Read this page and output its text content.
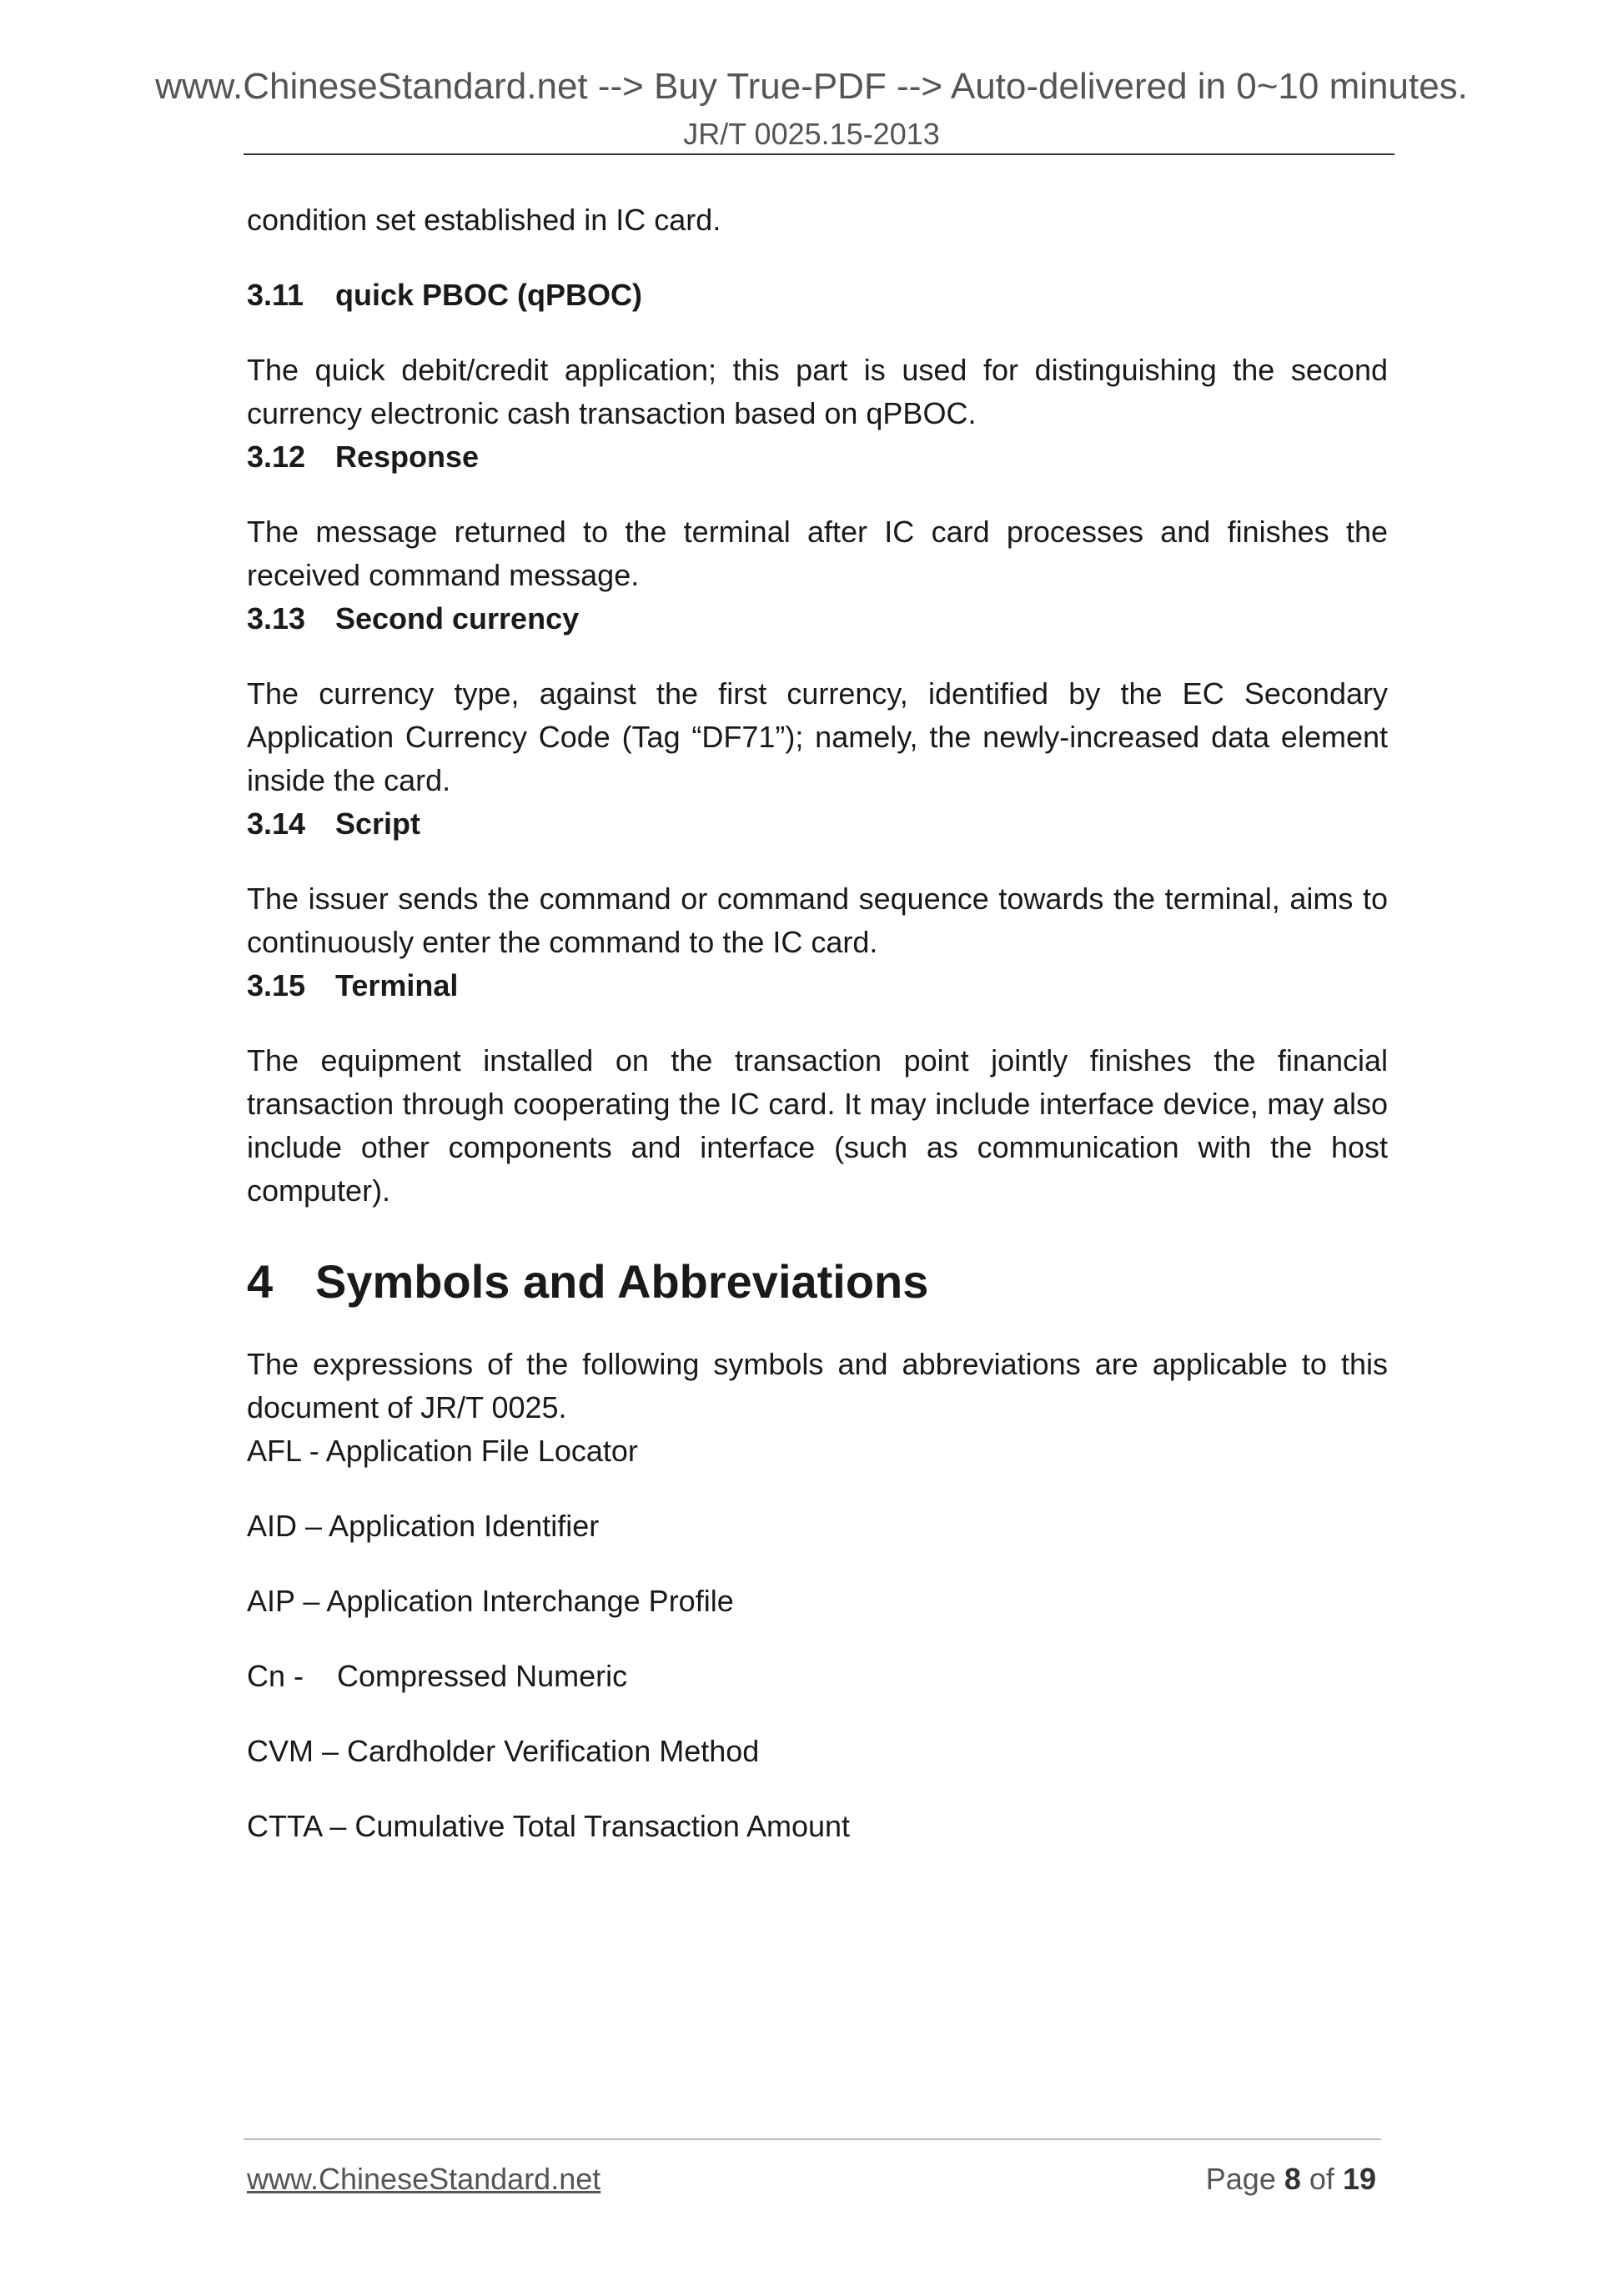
www.ChineseStandard.net --> Buy True-PDF --> Auto-delivered in 0~10 minutes.
JR/T 0025.15-2013

condition set established in IC card.

3.11 quick PBOC (qPBOC)

The quick debit/credit application; this part is used for distinguishing the second currency electronic cash transaction based on qPBOC.

3.12 Response

The message returned to the terminal after IC card processes and finishes the received command message.

3.13 Second currency

The currency type, against the first currency, identified by the EC Secondary Application Currency Code (Tag “DF71”); namely, the newly-increased data element inside the card.

3.14 Script

The issuer sends the command or command sequence towards the terminal, aims to continuously enter the command to the IC card.

3.15 Terminal

The equipment installed on the transaction point jointly finishes the financial transaction through cooperating the IC card. It may include interface device, may also include other components and interface (such as communication with the host computer).

4 Symbols and Abbreviations

The expressions of the following symbols and abbreviations are applicable to this document of JR/T 0025.

AFL - Application File Locator

AID – Application Identifier

AIP – Application Interchange Profile

Cn -    Compressed Numeric

CVM – Cardholder Verification Method

CTTA – Cumulative Total Transaction Amount

www.ChineseStandard.net	Page 8 of 19
